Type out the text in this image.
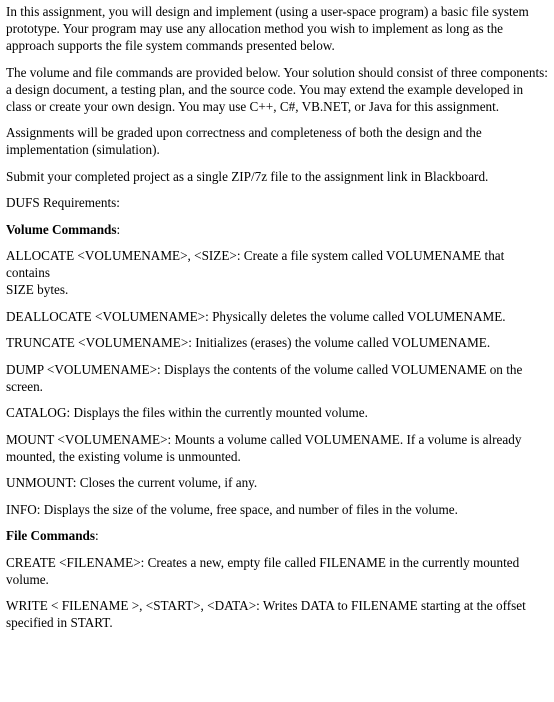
In this assignment, you will design and implement (using a user-space program) a basic file system prototype. Your program may use any allocation method you wish to implement as long as the approach supports the file system commands presented below.

The volume and file commands are provided below. Your solution should consist of three components: a design document, a testing plan, and the source code. You may extend the example developed in class or create your own design. You may use C++, C#, VB.NET, or Java for this assignment.

Assignments will be graded upon correctness and completeness of both the design and the implementation (simulation).

Submit your completed project as a single ZIP/7z file to the assignment link in Blackboard.

DUFS Requirements:

Volume Commands:

ALLOCATE <VOLUMENAME>, <SIZE>: Create a file system called VOLUMENAME that contains
SIZE bytes.

DEALLOCATE <VOLUMENAME>: Physically deletes the volume called VOLUMENAME.

TRUNCATE <VOLUMENAME>: Initializes (erases) the volume called VOLUMENAME.

DUMP <VOLUMENAME>: Displays the contents of the volume called VOLUMENAME on the screen.

CATALOG: Displays the files within the currently mounted volume.

MOUNT <VOLUMENAME>: Mounts a volume called VOLUMENAME. If a volume is already mounted, the existing volume is unmounted.

UNMOUNT: Closes the current volume, if any.

INFO: Displays the size of the volume, free space, and number of files in the volume.

File Commands:

CREATE <FILENAME>: Creates a new, empty file called FILENAME in the currently mounted volume.

WRITE < FILENAME >, <START>, <DATA>: Writes DATA to FILENAME starting at the offset specified in START.
